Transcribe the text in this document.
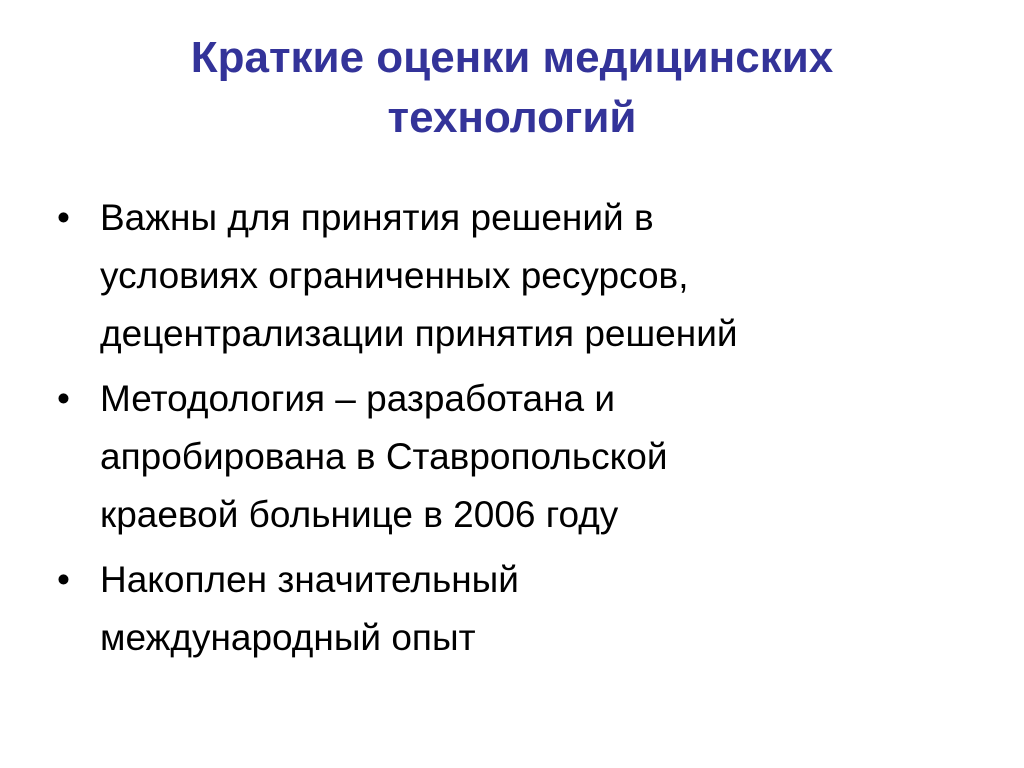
Краткие оценки медицинских
технологий
• Важны для принятия решений в
условиях ограниченных ресурсов,
децентрализации принятия решений
• Методология – разработана и
апробирована в Ставропольской
краевой больнице в 2006 году
• Накоплен значительный
международный опыт
